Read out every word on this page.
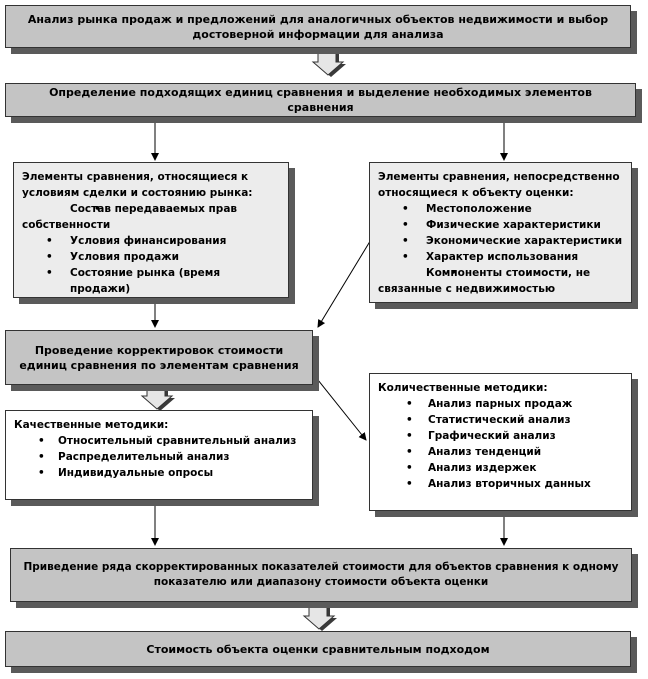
Анализ рынка продаж и предложений для аналогичных объектов недвижимости и выбор достоверной информации для анализа
Определение подходящих единиц сравнения и выделение необходимых элементов сравнения
Элементы сравнения, относящиеся к условиям сделки и состоянию рынка:
• Состав передаваемых прав собственности
• Условия финансирования
• Условия продажи
• Состояние рынка (время продажи)
Элементы сравнения, непосредственно относящиеся к объекту оценки:
• Местоположение
• Физические характеристики
• Экономические характеристики
• Характер использования
• Компоненты стоимости, не связанные с недвижимостью
Проведение корректировок стоимости единиц сравнения по элементам сравнения
Качественные методики:
• Относительный сравнительный анализ
• Распределительный анализ
• Индивидуальные опросы
Количественные методики:
• Анализ парных продаж
• Статистический анализ
• Графический анализ
• Анализ тенденций
• Анализ издержек
• Анализ вторичных данных
Приведение ряда скорректированных показателей стоимости для объектов сравнения к одному показателю или диапазону стоимости объекта оценки
Стоимость объекта оценки сравнительным подходом
